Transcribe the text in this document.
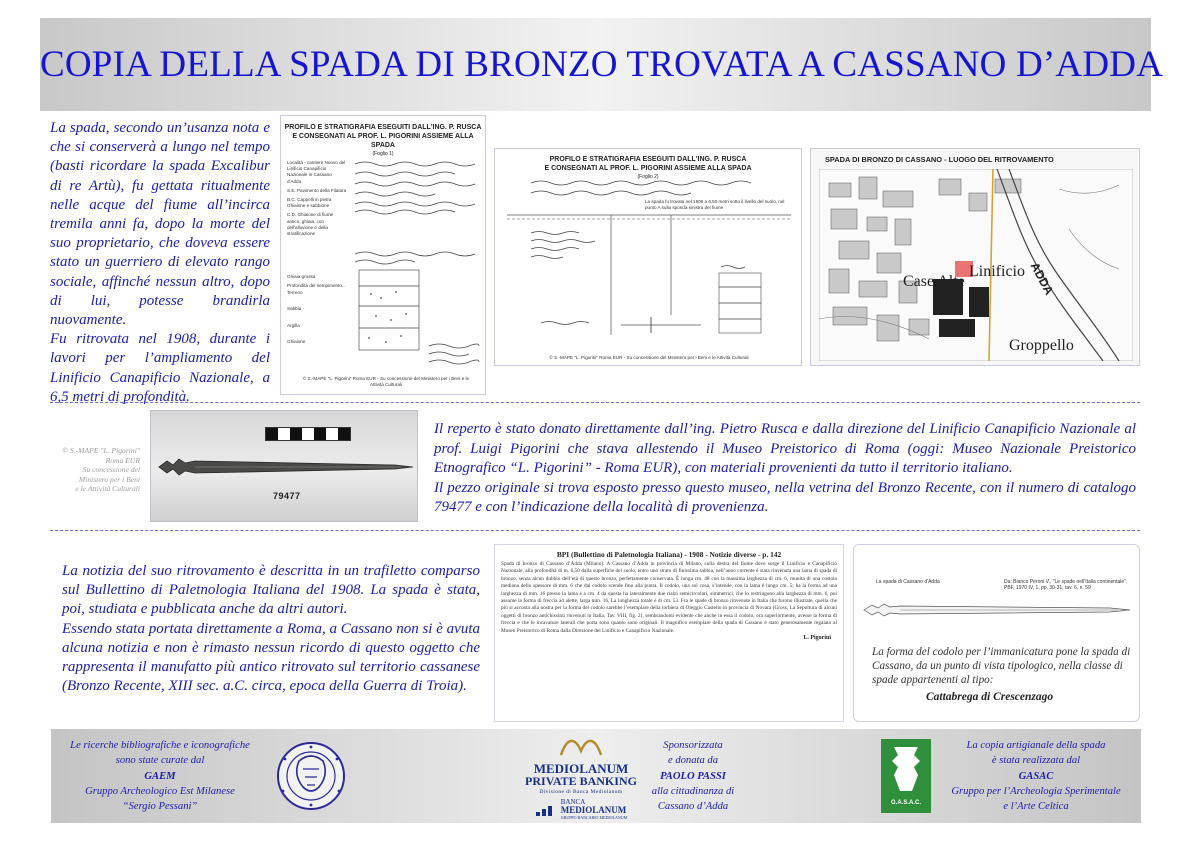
COPIA DELLA SPADA DI BRONZO TROVATA A CASSANO D’ADDA

La spada, secondo un’usanza nota e che si conserverà a lungo nel tempo (basti ricordare la spada Excalibur di re Artù), fu gettata ritualmente nelle acque del fiume all’incirca tremila anni fa, dopo la morte del suo proprietario, che doveva essere stato un guerriero di elevato rango sociale, affinché nessun altro, dopo di lui, potesse brandirla nuovamente.

Fu ritrovata nel 1908, durante i lavori per l’ampliamento del Linificio Canapificio Nazionale, a 6,5 metri di profondità.

PROFILO E STRATIGRAFIA ESEGUITI DALL'ING. P. RUSCA
E CONSEGNATI AL PROF. L. PIGORINI ASSIEME ALLA SPADA
(Foglio 1)
Località - cantiere Nuovo del Linificio Canapificio Nazionale in Cassano d'Adda
S.E. Pavimento della Filatura
B.C. Cappelli in pietra Ghiaione e sabbione
C.D. Ghiaione di fiume antico, ghiaia, con dell'alluvione e della stratificazione
Profondità del riempimento...
Ghiaia grossa
Terreno
Sabbia
Argilla
Ghiaione
© S.-MAPE "L. Pigorini" Roma EUR - Su concessione del Ministero per i Beni e le Attività Culturali
PROFILO E STRATIGRAFIA ESEGUITI DALL'ING. P. RUSCA
E CONSEGNATI AL PROF. L. PIGORINI ASSIEME ALLA SPADA
(Foglio 2)
La spada fu trovata nel 1908 a 6,50 metri sotto il livello del suolo, nel punto A sulla sponda sinistra del fiume
© S.-MAPE "L. Pigorini" Roma EUR - Su concessione del Ministero per i Beni e le Attività Culturali
SPADA DI BRONZO DI CASSANO - LUOGO DEL RITROVAMENTO
ADDA
Case Alte
Linificio
Groppello
© S.-MAPE "L. Pigorini"
Roma EUR
Su concessione del
Ministero per i Beni
e le Attività Culturali
79477

Il reperto è stato donato direttamente dall’ing. Pietro Rusca e dalla direzione del Linificio Canapificio Nazionale al prof. Luigi Pigorini che stava allestendo il Museo Preistorico di Roma (oggi: Museo Nazionale Preistorico Etnografico “L. Pigorini” - Roma EUR), con materiali provenienti da tutto il territorio italiano.

Il pezzo originale si trova esposto presso questo museo, nella vetrina del Bronzo Recente, con il numero di catalogo 79477 e con l’indicazione della località di provenienza.

La notizia del suo ritrovamento è descritta in un trafiletto comparso sul Bullettino di Paletnologia Italiana del 1908. La spada è stata, poi, studiata e pubblicata anche da altri autori.

Essendo stata portata direttamente a Roma, a Cassano non si è avuta alcuna notizia e non è rimasto nessun ricordo di questo oggetto che rappresenta il manufatto più antico ritrovato sul territorio cassanese (Bronzo Recente, XIII sec. a.C. circa, epoca della Guerra di Troia).

BPI (Bullettino di Paletnologia Italiana) - 1908 - Notizie diverse - p. 142
Spada di bronzo di Cassano d’Adda (Milano). A Cassano d’Adda in provincia di Milano, sulla destra del fiume dove sorge il Linificio e Canapificio Nazionale, alla profondità di m. 6,50 dalla superficie del suolo, entro uno strato di finissima sabbia, nell’anno corrente è stata rinvenuta una lama di spada di bronzo, senza alcun dubbio dell’età di questo bronzo, perfettamente conservata. È lunga cm. 48 con la massima larghezza di cm. 6, munita di una costola mediana dello spessore di mm. 6 che dal codolo scende fino alla punta. Il codolo, una sol cosa, s’intende, con la lama è lungo cm. 5; ha la forma ad una larghezza di mm. 16 presso la lama e a cm. 4 da questa ha lateralmente due rialzi semicircolari, simmetrici, che lo restringono alla larghezza di mm. 6, poi assume la forma di freccia ad alette, larga mm. 16. La lunghezza totale è di cm. 53. Fra le spade di bronzo rinvenute in Italia che furono illustrate, quella che più si accosta alla nostra per la forma del codolo sarebbe l’esemplare della torbiera di Oleggio Castello in provincia di Novara (Gross, La Sepoltura di alcuni oggetti di bronzo antichissimi rinvenuti in Italia, Tav. VIII, fig. 2), sembrandomi evidente che anche in essa il codolo, ora superiormente, avesse la forma di freccia e che le incavature laterali che porta sono quanto sono originali. Il magnifico esemplare della spada di Cassano è stato generosamente regalato al Museo Preistorico di Roma dalla Direzione del Linificio e Canapificio Nazionale.
L. Pigorini
La spada di Cassano d'Adda	Da: Bianco Peroni V., "Le spade nell'Italia continentale", PBF, 1970 IV, 1, pp. 30-31, tav. 6, n. 59
La forma del codolo per l’immanicatura pone la spada di Cassano, da un punto di vista tipologico, nella classe di spade appartenenti al tipo:
Cattabrega di Crescenzago
Le ricerche bibliografiche e iconografiche
sono state curate dal
GAEM
Gruppo Archeologico Est Milanese
“Sergio Pessani”
MEDIOLANUM
PRIVATE BANKING
Divisione di Banca Mediolanum
BANCA
MEDIOLANUM
GRUPPO BANCARIO MEDIOLANUM
Sponsorizzata
e donata da
PAOLO PASSI
alla cittadinanza di
Cassano d’Adda	G.A.S.A.C.
La copia artigianale della spada
è stata realizzata dal
GASAC
Gruppo per l’Archeologia Sperimentale
e l’Arte Celtica
